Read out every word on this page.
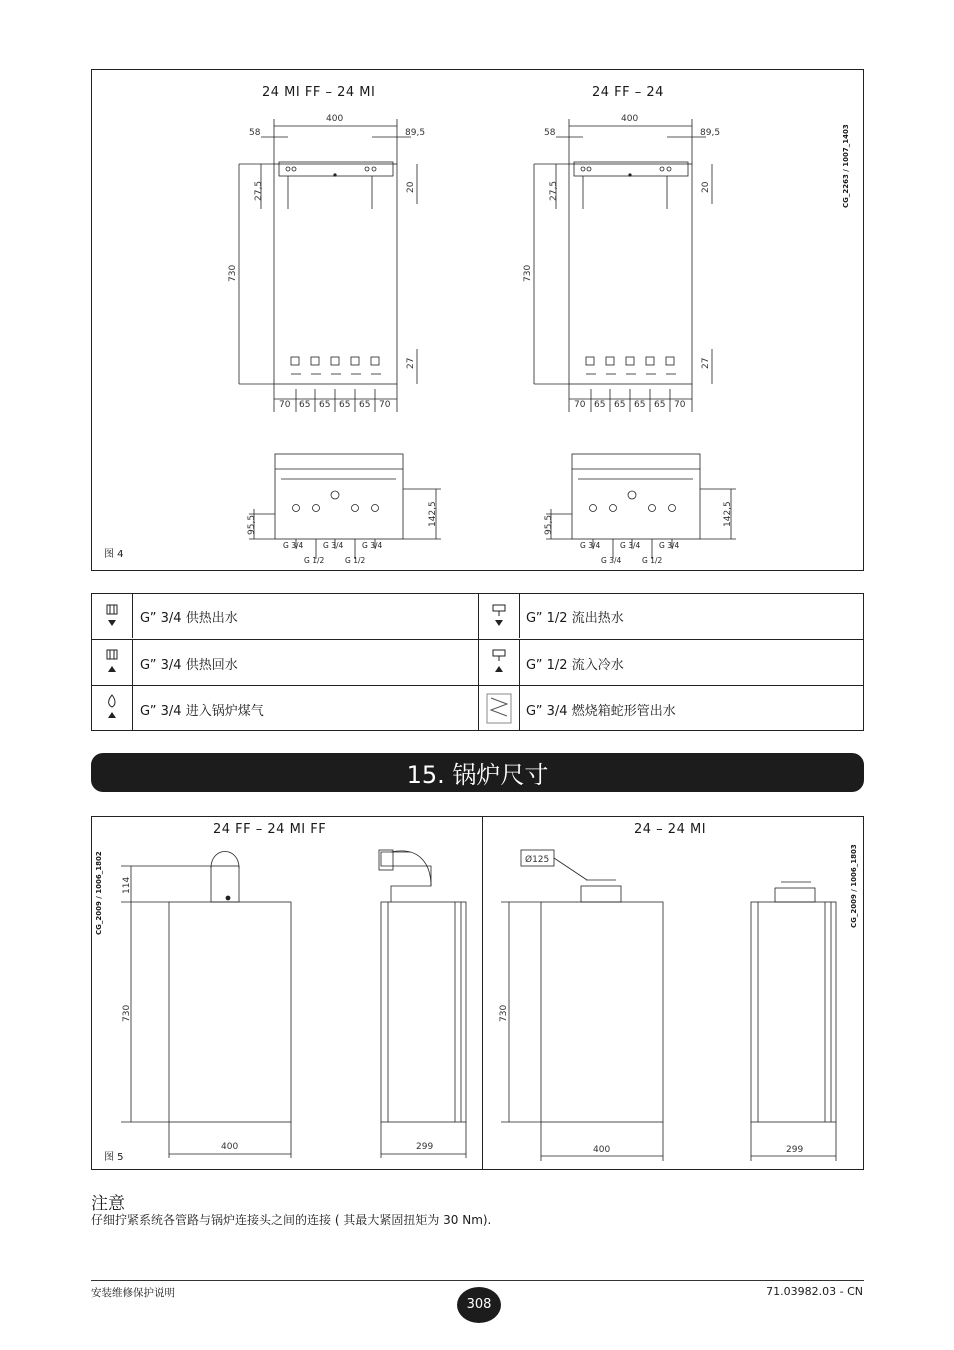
24 MI FF – 24 MI	24 FF – 24
图 4
CG_2263 / 1007_1403
400
58	89,5
27,5	20
730
27
70 65 65 65 65 70
95,5	142,5
G 3/4	G 3/4 G 3/4
G 1/2	G 1/2
400
58	89,5
27,5	20
730
27
70 65 65 65 65 70
95,5	142,5
G 3/4	G 3/4 G 3/4
G 3/4	G 1/2
G” 3/4 供热出水	G” 1/2 流出热水
G” 3/4 供热回水	G” 1/2 流入冷水
G” 3/4 进入锅炉煤气	G” 3/4 燃烧箱蛇形管出水
15. 锅炉尺寸
24 FF – 24 MI FF	24 – 24 MI
图 5
CG_2009 / 1006_1802	CG_2009 / 1006_1803
114
730
400	299
Ø125
730
400	299
注意
仔细拧紧系统各管路与锅炉连接头之间的连接 ( 其最大紧固扭矩为 30 Nm).
安装维修保护说明
308
71.03982.03 - CN
